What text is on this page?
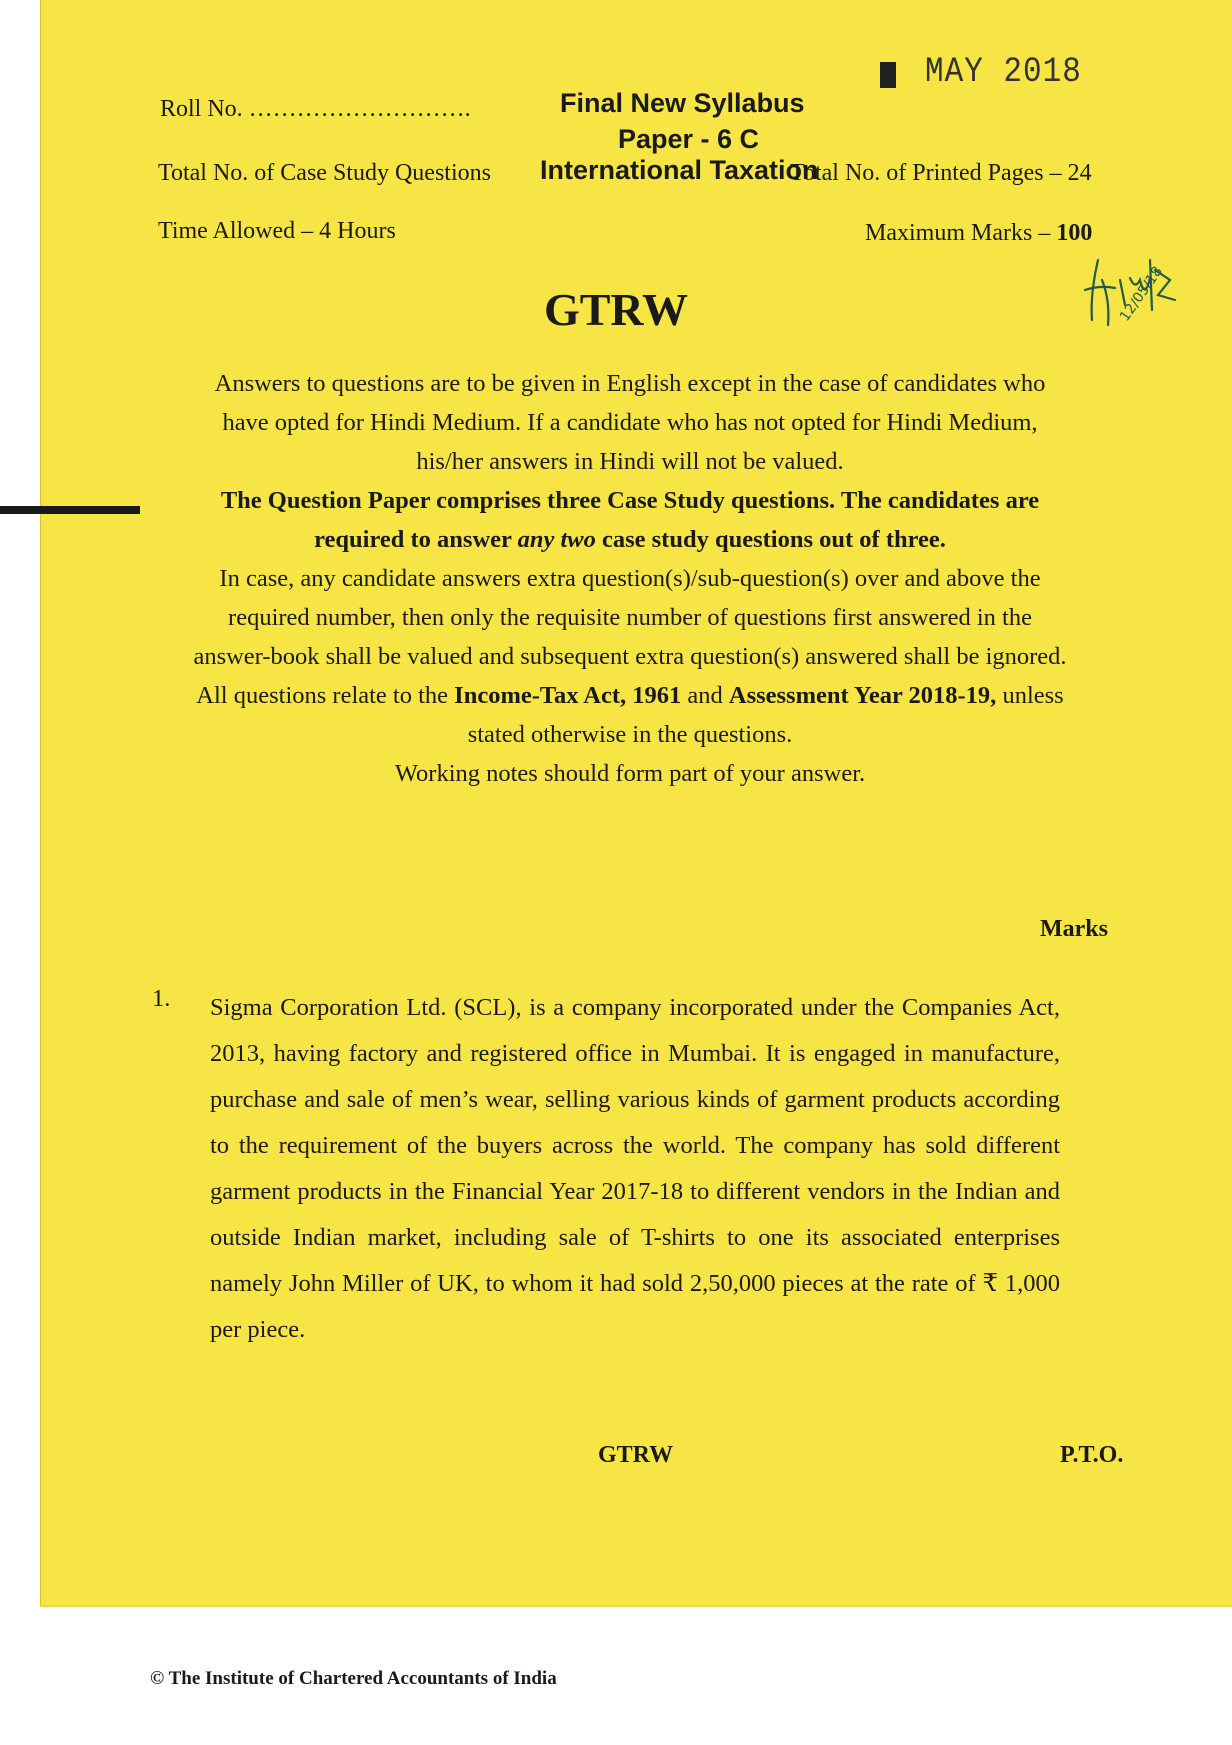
MAY 2018
Roll No. ……………………….	Final New Syllabus
Paper - 6 C
Total No. of Case Study Questions International Taxation
Total No. of Printed Pages – 24
Time Allowed – 4 Hours	Maximum Marks – 100
GTRW	12/05/18

Answers to questions are to be given in English except in the case of candidates who

have opted for Hindi Medium. If a candidate who has not opted for Hindi Medium,

his/her answers in Hindi will not be valued.

The Question Paper comprises three Case Study questions. The candidates are

required to answer any two case study questions out of three.

In case, any candidate answers extra question(s)/sub-question(s) over and above the

required number, then only the requisite number of questions first answered in the

answer-book shall be valued and subsequent extra question(s) answered shall be ignored.

All questions relate to the Income-Tax Act, 1961 and Assessment Year 2018-19, unless

stated otherwise in the questions.

Working notes should form part of your answer.

Marks
1. Sigma Corporation Ltd. (SCL), is a company incorporated under the Companies Act, 2013, having factory and registered office in Mumbai. It is engaged in manufacture, purchase and sale of men’s wear, selling various kinds of garment products according to the requirement of the buyers across the world. The company has sold different garment products in the Financial Year 2017-18 to different vendors in the Indian and outside Indian market, including sale of T-shirts to one its associated enterprises namely John Miller of UK, to whom it had sold 2,50,000 pieces at the rate of ₹ 1,000 per piece.
GTRW	P.T.O.
© The Institute of Chartered Accountants of India
